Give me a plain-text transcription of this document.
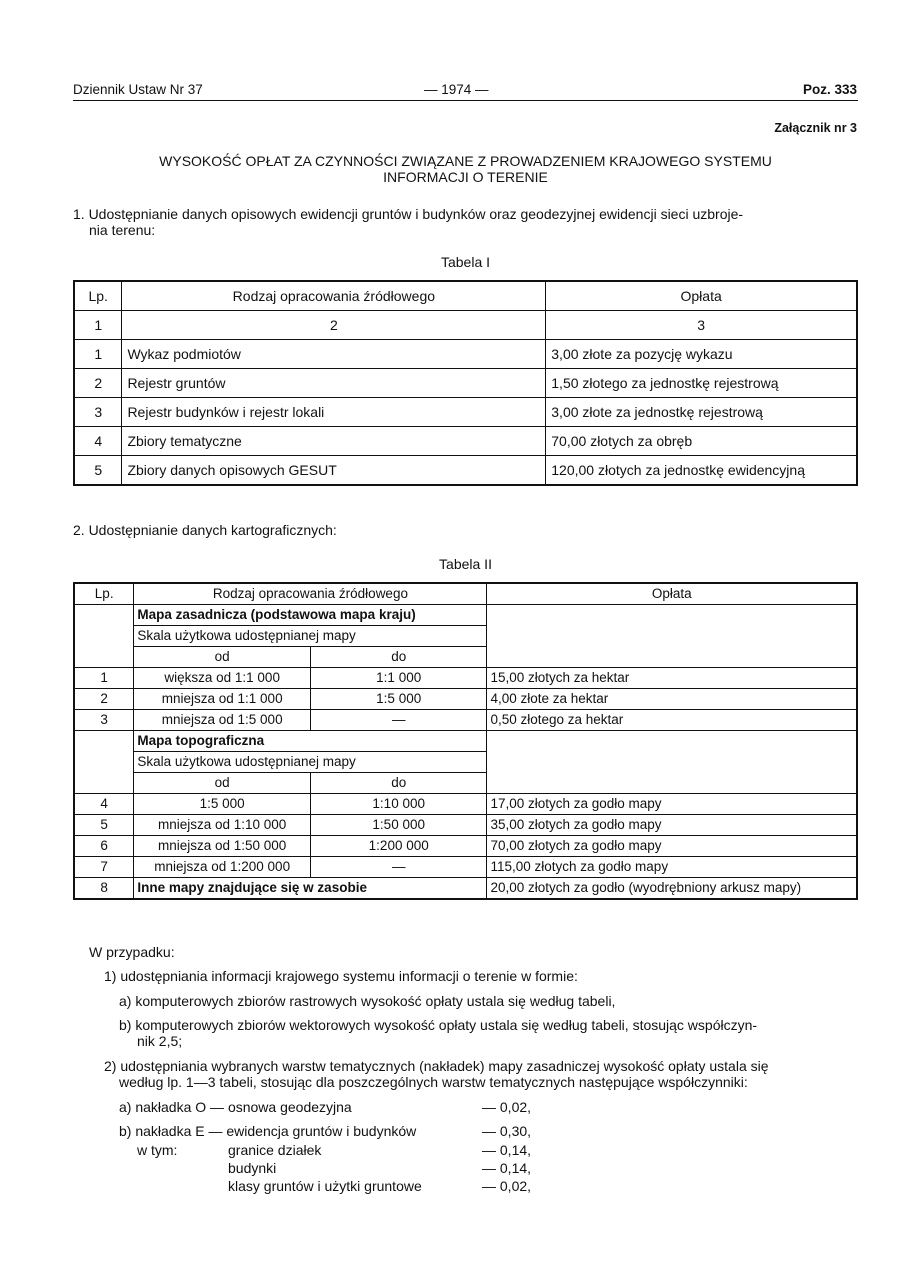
Dziennik Ustaw Nr 37	— 1974 —	Poz. 333
Załącznik nr 3
WYSOKOŚĆ OPŁAT ZA CZYNNOŚCI ZWIĄZANE Z PROWADZENIEM KRAJOWEGO SYSTEMU
INFORMACJI O TERENIE
1. Udostępnianie danych opisowych ewidencji gruntów i budynków oraz geodezyjnej ewidencji sieci uzbroje-
nia terenu:
Tabela I
Lp.	Rodzaj opracowania źródłowego	Opłata
1	2	3
1	Wykaz podmiotów	3,00 złote za pozycję wykazu
2	Rejestr gruntów	1,50 złotego za jednostkę rejestrową
3	Rejestr budynków i rejestr lokali	3,00 złote za jednostkę rejestrową
4	Zbiory tematyczne	70,00 złotych za obręb
5	Zbiory danych opisowych GESUT	120,00 złotych za jednostkę ewidencyjną
2. Udostępnianie danych kartograficznych:
Tabela II
Lp.	Rodzaj opracowania źródłowego		Opłata
	Mapa zasadnicza (podstawowa mapa kraju)		
	Skala użytkowa udostępnianej mapy		
	od	do	
1	większa od 1:1 000	1:1 000	15,00 złotych za hektar
2	mniejsza od 1:1 000	1:5 000	4,00 złote za hektar
3	mniejsza od 1:5 000	—	0,50 złotego za hektar
	Mapa topograficzna		
	Skala użytkowa udostępnianej mapy		
	od	do	
4	1:5 000	1:10 000	17,00 złotych za godło mapy
5	mniejsza od 1:10 000	1:50 000	35,00 złotych za godło mapy
6	mniejsza od 1:50 000	1:200 000	70,00 złotych za godło mapy
7	mniejsza od 1:200 000	—	115,00 złotych za godło mapy
8	Inne mapy znajdujące się w zasobie		20,00 złotych za godło (wyodrębniony arkusz mapy)
W przypadku:
1) udostępniania informacji krajowego systemu informacji o terenie w formie:
a) komputerowych zbiorów rastrowych wysokość opłaty ustala się według tabeli,
b) komputerowych zbiorów wektorowych wysokość opłaty ustala się według tabeli, stosując współczyn-
nik 2,5;
2) udostępniania wybranych warstw tematycznych (nakładek) mapy zasadniczej wysokość opłaty ustala się
według lp. 1—3 tabeli, stosując dla poszczególnych warstw tematycznych następujące współczynniki:
a) nakładka O — osnowa geodezyjna	— 0,02,
b) nakładka E — ewidencja gruntów i budynków	— 0,30,
w tym:	granice działek	— 0,14,
budynki	— 0,14,
klasy gruntów i użytki gruntowe	— 0,02,
